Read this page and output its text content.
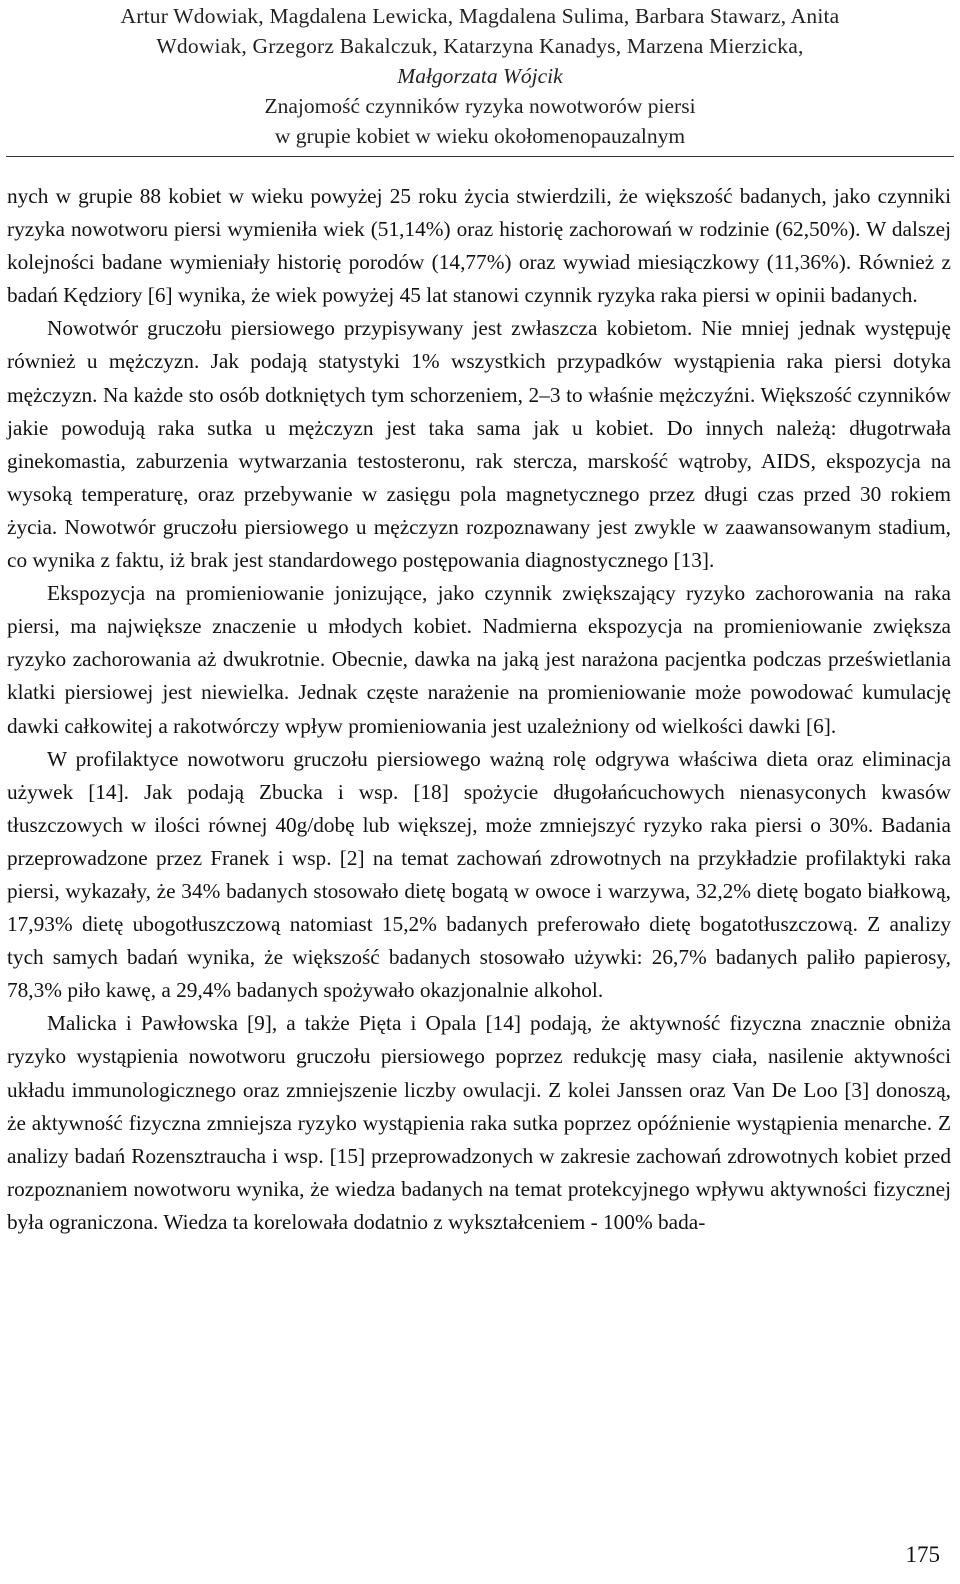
Artur Wdowiak, Magdalena Lewicka, Magdalena Sulima, Barbara Stawarz, Anita
Wdowiak, Grzegorz Bakalczuk, Katarzyna Kanadys, Marzena Mierzicka,
Małgorzata Wójcik
Znajomość czynników ryzyka nowotworów piersi
w grupie kobiet w wieku okołomenopauzalnym

nych w grupie 88 kobiet w wieku powyżej 25 roku życia stwierdzili, że większość badanych, jako czynniki ryzyka nowotworu piersi wymieniła wiek (51,14%) oraz historię zachorowań w rodzinie (62,50%). W dalszej kolejności badane wymieniały historię porodów (14,77%) oraz wywiad miesiączkowy (11,36%). Również z badań Kędziory [6] wynika, że wiek powyżej 45 lat stanowi czynnik ryzyka raka piersi w opinii badanych.

Nowotwór gruczołu piersiowego przypisywany jest zwłaszcza kobietom. Nie mniej jednak występuję również u mężczyzn. Jak podają statystyki 1% wszystkich przypadków wystąpienia raka piersi dotyka mężczyzn. Na każde sto osób dotkniętych tym schorzeniem, 2–3 to właśnie mężczyźni. Większość czynników jakie powodują raka sutka u mężczyzn jest taka sama jak u kobiet. Do innych należą: długotrwała ginekomastia, zaburzenia wytwarzania testosteronu, rak stercza, marskość wątroby, AIDS, ekspozycja na wysoką temperaturę, oraz przebywanie w zasięgu pola magnetycznego przez długi czas przed 30 rokiem życia. Nowotwór gruczołu piersiowego u mężczyzn rozpoznawany jest zwykle w zaawansowanym stadium, co wynika z faktu, iż brak jest standardowego postępowania diagnostycznego [13].

Ekspozycja na promieniowanie jonizujące, jako czynnik zwiększający ryzyko zachorowania na raka piersi, ma największe znaczenie u młodych kobiet. Nadmierna ekspozycja na promieniowanie zwiększa ryzyko zachorowania aż dwukrotnie. Obecnie, dawka na jaką jest narażona pacjentka podczas prześwietlania klatki piersiowej jest niewielka. Jednak częste narażenie na promieniowanie może powodować kumulację dawki całkowitej a rakotwórczy wpływ promieniowania jest uzależniony od wielkości dawki [6].

W profilaktyce nowotworu gruczołu piersiowego ważną rolę odgrywa właściwa dieta oraz eliminacja używek [14]. Jak podają Zbucka i wsp. [18] spożycie długołańcuchowych nienasyconych kwasów tłuszczowych w ilości równej 40g/dobę lub większej, może zmniejszyć ryzyko raka piersi o 30%. Badania przeprowadzone przez Franek i wsp. [2] na temat zachowań zdrowotnych na przykładzie profilaktyki raka piersi, wykazały, że 34% badanych stosowało dietę bogatą w owoce i warzywa, 32,2% dietę bogato białkową, 17,93% dietę ubogotłuszczową natomiast 15,2% badanych preferowało dietę bogatotłuszczową. Z analizy tych samych badań wynika, że większość badanych stosowało używki: 26,7% badanych paliło papierosy, 78,3% piło kawę, a 29,4% badanych spożywało okazjonalnie alkohol.

Malicka i Pawłowska [9], a także Pięta i Opala [14] podają, że aktywność fizyczna znacznie obniża ryzyko wystąpienia nowotworu gruczołu piersiowego poprzez redukcję masy ciała, nasilenie aktywności układu immunologicznego oraz zmniejszenie liczby owulacji. Z kolei Janssen oraz Van De Loo [3] donoszą, że aktywność fizyczna zmniejsza ryzyko wystąpienia raka sutka poprzez opóźnienie wystąpienia menarche. Z analizy badań Rozensztraucha i wsp. [15] przeprowadzonych w zakresie zachowań zdrowotnych kobiet przed rozpoznaniem nowotworu wynika, że wiedza badanych na temat protekcyjnego wpływu aktywności fizycznej była ograniczona. Wiedza ta korelowała dodatnio z wykształceniem - 100% bada-

175
